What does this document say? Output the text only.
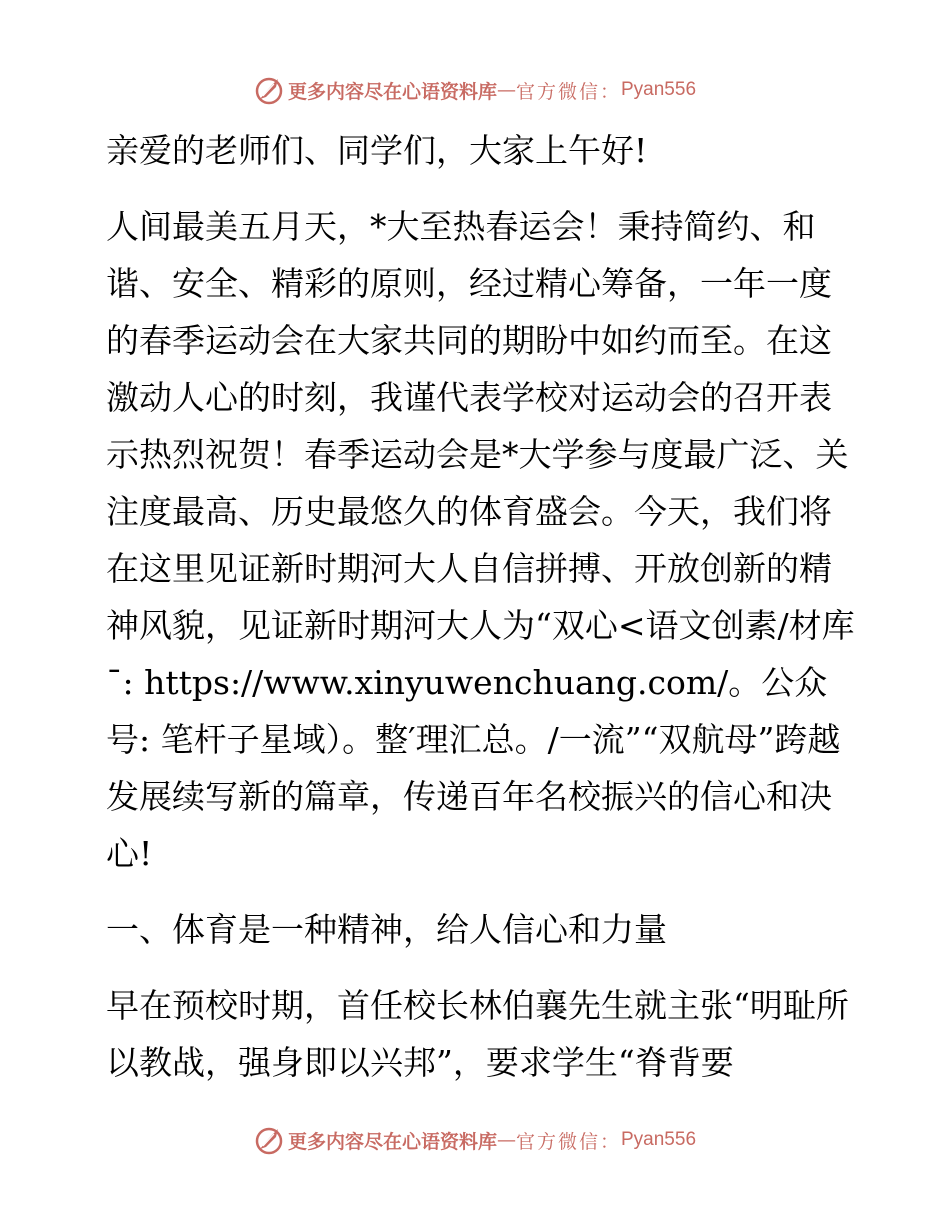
更多内容尽在心语资料库 — 官方微信： Pyan556

亲爱的老师们、同学们，大家上午好!

人间最美五月天，*大至热春运会！秉持简约、和谐、安全、精彩的原则，经过精心筹备，一年一度的春季运动会在大家共同的期盼中如约而至。在这激动人心的时刻，我谨代表学校对运动会的召开表示热烈祝贺！春季运动会是*大学参与度最广泛、关注度最高、历史最悠久的体育盛会。今天，我们将在这里见证新时期河大人自信拼搏、开放创新的精神风貌，见证新时期河大人为“双心<语文创素/材库¯: https://www.xinyuwenchuang.com/。公众号: 笔杆子星域）。整′理汇总。/一流”“双航母”跨越发展续写新的篇章，传递百年名校振兴的信心和决心!

一、体育是一种精神，给人信心和力量

早在预校时期，首任校长林伯襄先生就主张“明耻所以教战，强身即以兴邦”，要求学生“脊背要

更多内容尽在心语资料库 — 官方微信： Pyan556
